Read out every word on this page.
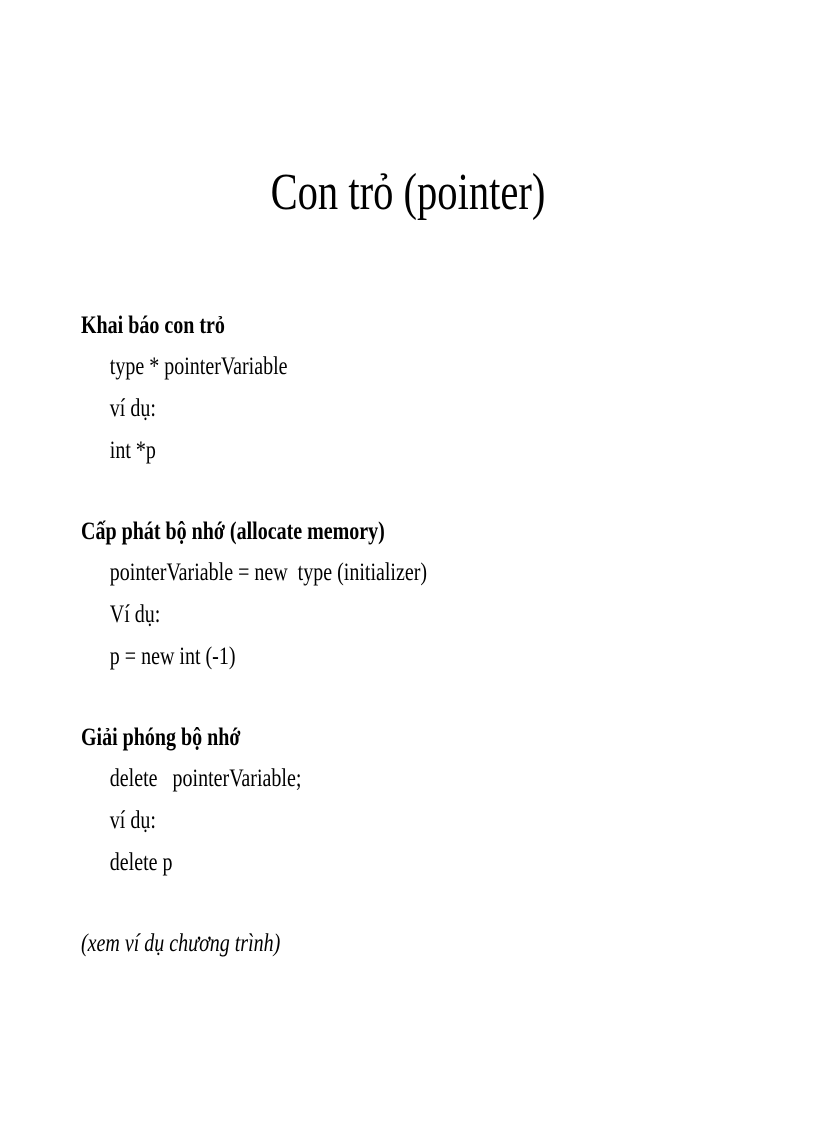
Con trỏ (pointer)

Khai báo con trỏ

type * pointerVariable

ví dụ:

int *p

Cấp phát bộ nhớ (allocate memory)

pointerVariable = new  type (initializer)

Ví dụ:

p = new int (-1)

Giải phóng bộ nhớ

delete   pointerVariable;

ví dụ:

delete p

(xem ví dụ chương trình)
